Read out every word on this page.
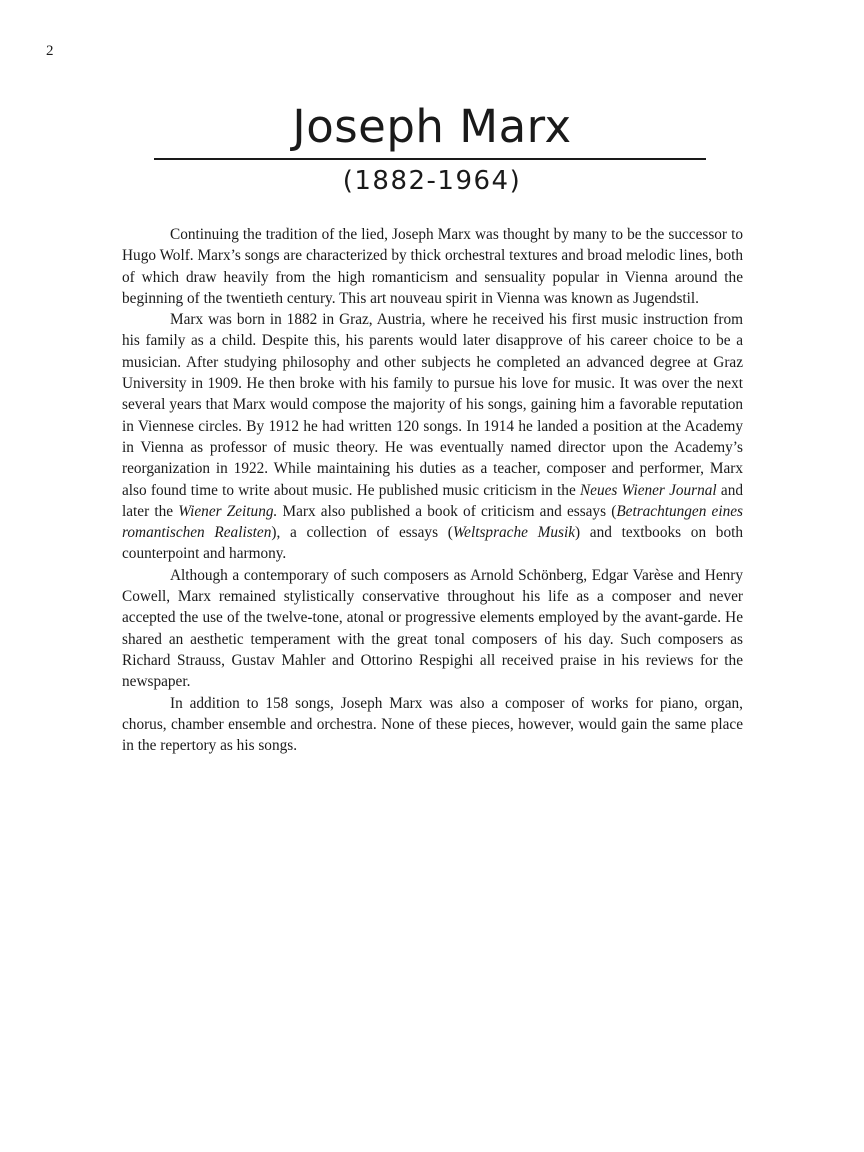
2
Joseph Marx
(1882-1964)

Continuing the tradition of the lied, Joseph Marx was thought by many to be the successor to Hugo Wolf. Marx’s songs are characterized by thick orchestral textures and broad melodic lines, both of which draw heavily from the high romanticism and sensuality popular in Vienna around the beginning of the twentieth century. This art nouveau spirit in Vienna was known as Jugendstil.

Marx was born in 1882 in Graz, Austria, where he received his first music instruction from his family as a child. Despite this, his parents would later disapprove of his career choice to be a musician. After studying philosophy and other subjects he completed an advanced degree at Graz University in 1909. He then broke with his family to pursue his love for music. It was over the next several years that Marx would compose the majority of his songs, gaining him a favorable reputation in Viennese circles. By 1912 he had written 120 songs. In 1914 he landed a position at the Academy in Vienna as professor of music theory. He was eventually named director upon the Academy’s reorganization in 1922. While maintaining his duties as a teacher, composer and performer, Marx also found time to write about music. He published music criticism in the Neues Wiener Journal and later the Wiener Zeitung. Marx also published a book of criticism and essays (Betrachtungen eines romantischen Realisten), a collection of essays (Weltsprache Musik) and textbooks on both counterpoint and harmony.

Although a contemporary of such composers as Arnold Schönberg, Edgar Varèse and Henry Cowell, Marx remained stylistically conservative throughout his life as a composer and never accepted the use of the twelve-tone, atonal or progressive elements employed by the avant-garde. He shared an aesthetic temperament with the great tonal composers of his day. Such composers as Richard Strauss, Gustav Mahler and Ottorino Respighi all received praise in his reviews for the newspaper.

In addition to 158 songs, Joseph Marx was also a composer of works for piano, organ, chorus, chamber ensemble and orchestra. None of these pieces, however, would gain the same place in the repertory as his songs.
